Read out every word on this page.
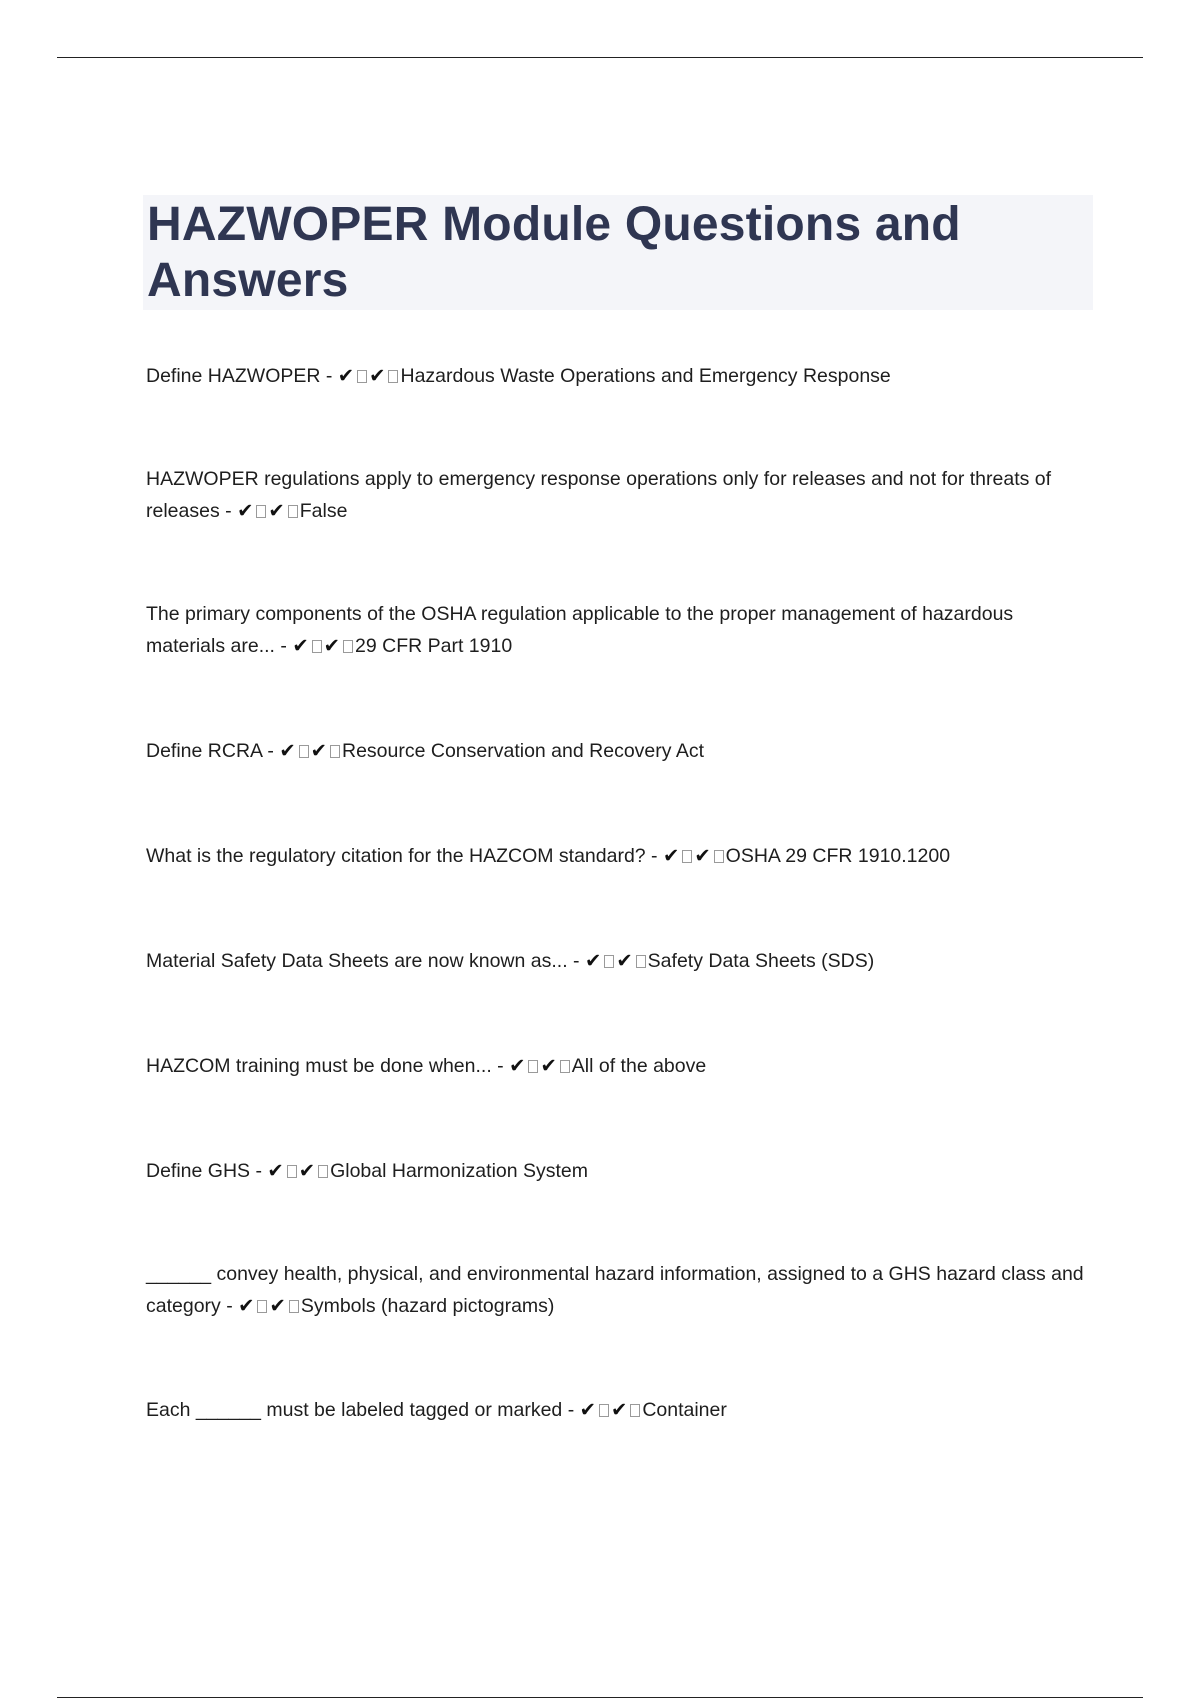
HAZWOPER Module Questions and Answers
Define HAZWOPER - ✔ ✔ Hazardous Waste Operations and Emergency Response
HAZWOPER regulations apply to emergency response operations only for releases and not for threats of releases - ✔ ✔ False
The primary components of the OSHA regulation applicable to the proper management of hazardous materials are... - ✔ ✔ 29 CFR Part 1910
Define RCRA - ✔ ✔ Resource Conservation and Recovery Act
What is the regulatory citation for the HAZCOM standard? - ✔ ✔ OSHA 29 CFR 1910.1200
Material Safety Data Sheets are now known as... - ✔ ✔ Safety Data Sheets (SDS)
HAZCOM training must be done when... - ✔ ✔ All of the above
Define GHS - ✔ ✔ Global Harmonization System
______ convey health, physical, and environmental hazard information, assigned to a GHS hazard class and category - ✔ ✔ Symbols (hazard pictograms)
Each ______ must be labeled tagged or marked - ✔ ✔ Container
